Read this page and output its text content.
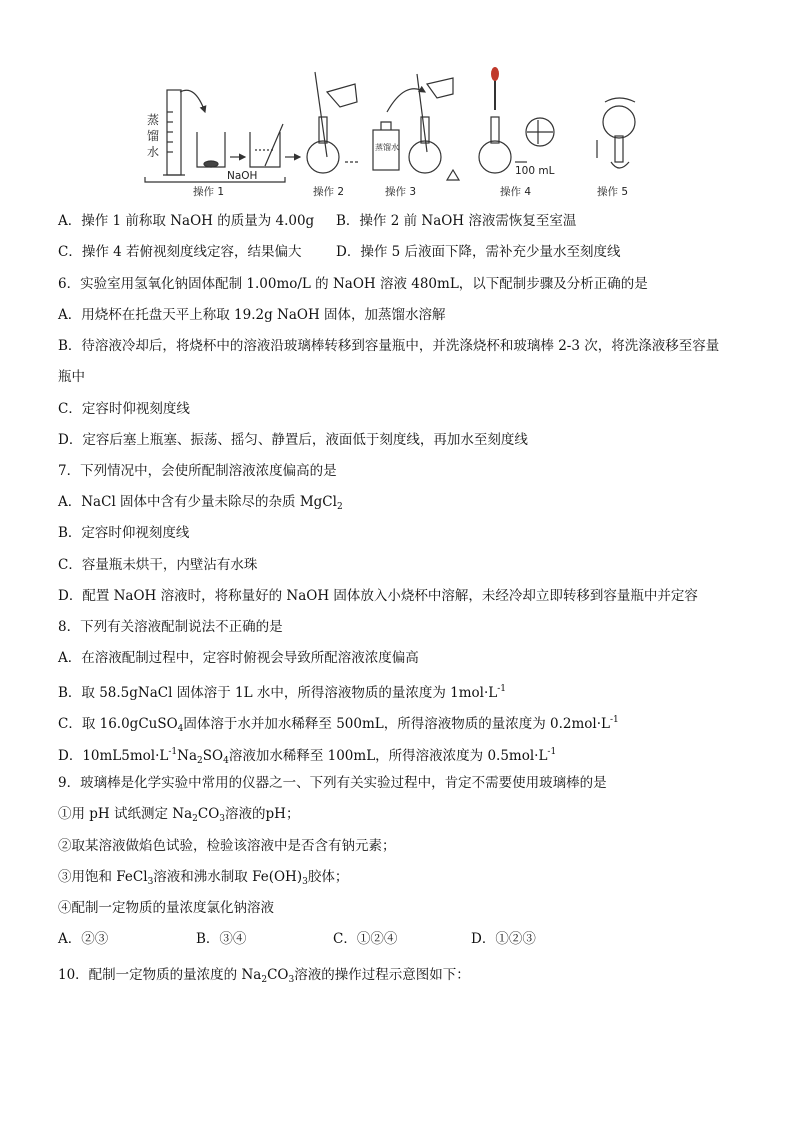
蒸
馏
水
NaOH
蒸馏水
100 mL
操作 1	操作 2	操作 3	操作 4	操作 5
A．操作 1 前称取 NaOH 的质量为 4.00g B．操作 2 前 NaOH 溶液需恢复至室温
C．操作 4 若俯视刻度线定容，结果偏大	D．操作 5 后液面下降，需补充少量水至刻度线
6．实验室用氢氧化钠固体配制 1.00mo/L 的 NaOH 溶液 480mL，以下配制步骤及分析正确的是
A．用烧杯在托盘天平上称取 19.2g NaOH 固体，加蒸馏水溶解
B．待溶液冷却后，将烧杯中的溶液沿玻璃棒转移到容量瓶中，并洗涤烧杯和玻璃棒 2-3 次，将洗涤液移至容量
瓶中
C．定容时仰视刻度线
D．定容后塞上瓶塞、振荡、摇匀、静置后，液面低于刻度线，再加水至刻度线
7．下列情况中，会使所配制溶液浓度偏高的是
A．NaCl 固体中含有少量未除尽的杂质 MgCl$_2$
B．定容时仰视刻度线
C．容量瓶未烘干，内壁沾有水珠
D．配置 NaOH 溶液时，将称量好的 NaOH 固体放入小烧杯中溶解，未经冷却立即转移到容量瓶中并定容
8．下列有关溶液配制说法不正确的是
A．在溶液配制过程中，定容时俯视会导致所配溶液浓度偏高
B．取 58.5gNaCl 固体溶于 1L 水中，所得溶液物质的量浓度为 $1mol\cdot L^{-1}$
C．取 16.0gCuSO$_4$固体溶于水并加水稀释至 500mL，所得溶液物质的量浓度为 $0.2mol\cdot L^{-1}$
D．$10mL5mol\cdot L^{-1}Na_2SO_4$溶液加水稀释至 100mL，所得溶液浓度为 $0.5mol\cdot L^{-1}$
9．玻璃棒是化学实验中常用的仪器之一、下列有关实验过程中，肯定不需要使用玻璃棒的是
①用 pH 试纸测定 $Na_2CO_3$溶液的pH；
②取某溶液做焰色试验，检验该溶液中是否含有钠元素；
③用饱和 FeCl$_3$溶液和沸水制取 $Fe(OH)_3$胶体；
④配制一定物质的量浓度氯化钠溶液
A．②③	B．③④	C．①②④	D．①②③
10．配制一定物质的量浓度的 $Na_2CO_3$溶液的操作过程示意图如下：
